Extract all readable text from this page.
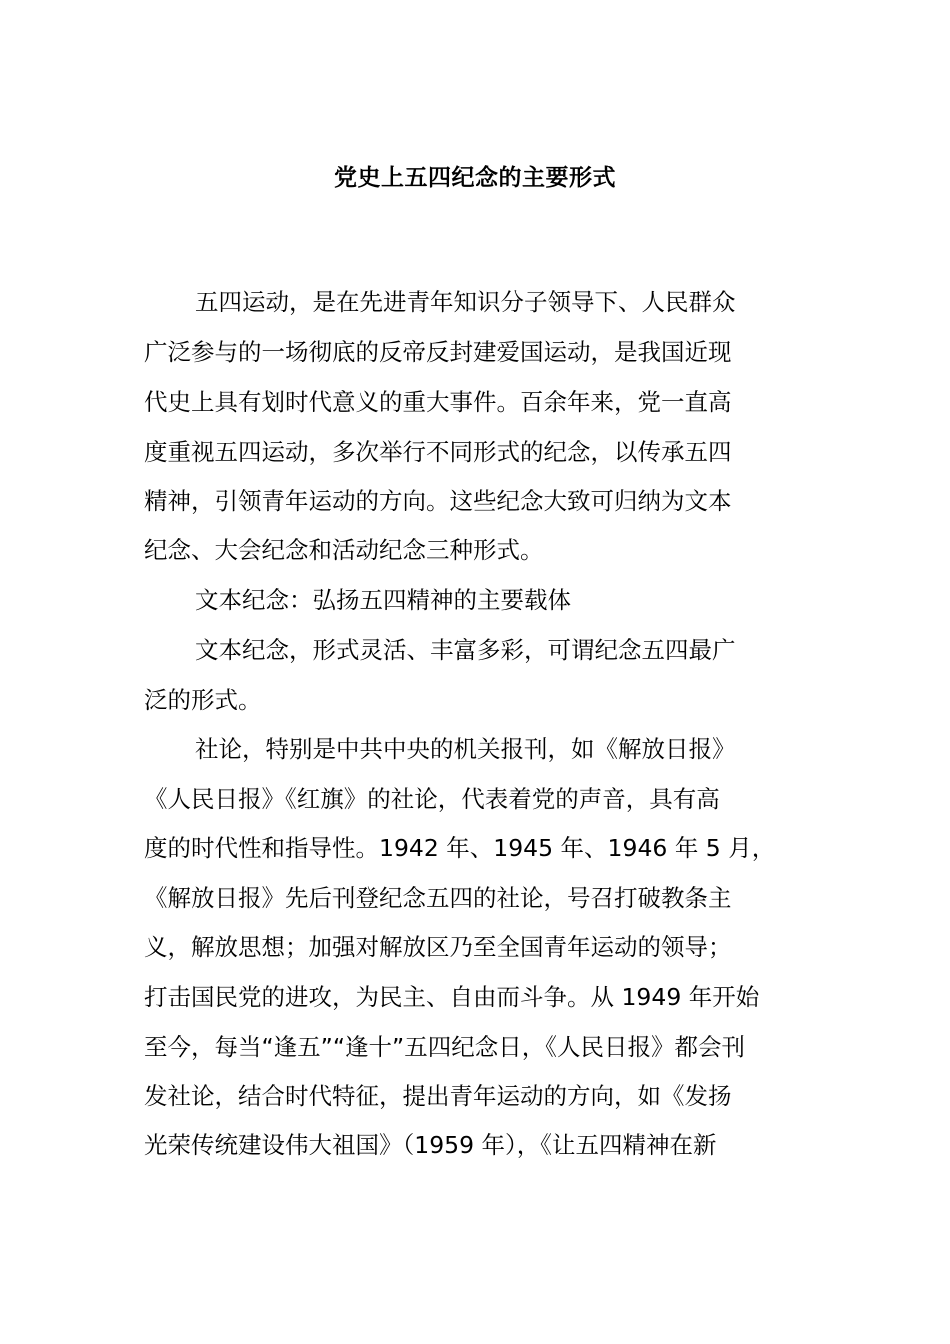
党史上五四纪念的主要形式
五四运动，是在先进青年知识分子领导下、人民群众
广泛参与的一场彻底的反帝反封建爱国运动，是我国近现
代史上具有划时代意义的重大事件。百余年来，党一直高
度重视五四运动，多次举行不同形式的纪念，以传承五四
精神，引领青年运动的方向。这些纪念大致可归纳为文本
纪念、大会纪念和活动纪念三种形式。
文本纪念：弘扬五四精神的主要载体
文本纪念，形式灵活、丰富多彩，可谓纪念五四最广
泛的形式。
社论，特别是中共中央的机关报刊，如《解放日报》
《人民日报》《红旗》的社论，代表着党的声音，具有高
度的时代性和指导性。1942 年、1945 年、1946 年 5 月，
《解放日报》先后刊登纪念五四的社论，号召打破教条主
义，解放思想；加强对解放区乃至全国青年运动的领导；
打击国民党的进攻，为民主、自由而斗争。从 1949 年开始
至今，每当“逢五”“逢十”五四纪念日，《人民日报》都会刊
发社论，结合时代特征，提出青年运动的方向，如《发扬
光荣传统建设伟大祖国》（1959 年），《让五四精神在新
